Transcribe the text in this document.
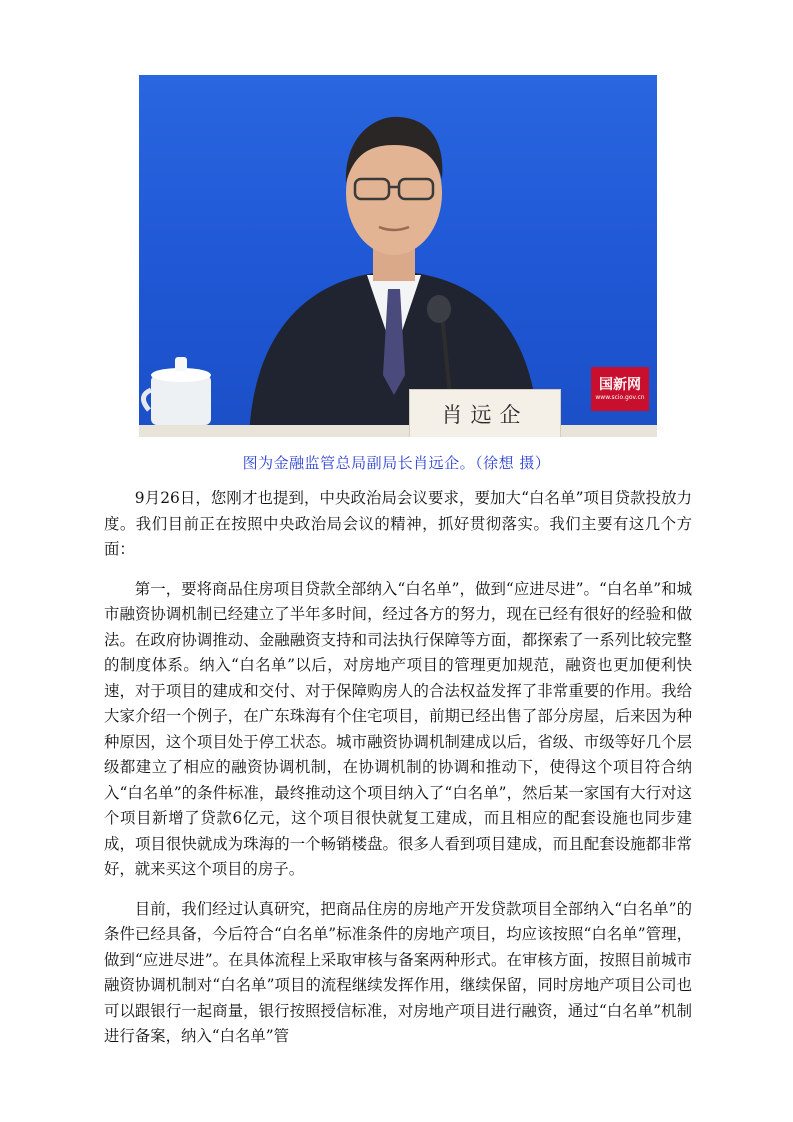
肖远企
国新网
www.scio.gov.cn
图为金融监管总局副局长肖远企。（徐想 摄）

9月26日，您刚才也提到，中央政治局会议要求，要加大“白名单”项目贷款投放力度。我们目前正在按照中央政治局会议的精神，抓好贯彻落实。我们主要有这几个方面：

第一，要将商品住房项目贷款全部纳入“白名单”，做到“应进尽进”。“白名单”和城市融资协调机制已经建立了半年多时间，经过各方的努力，现在已经有很好的经验和做法。在政府协调推动、金融融资支持和司法执行保障等方面，都探索了一系列比较完整的制度体系。纳入“白名单”以后，对房地产项目的管理更加规范，融资也更加便利快速，对于项目的建成和交付、对于保障购房人的合法权益发挥了非常重要的作用。我给大家介绍一个例子，在广东珠海有个住宅项目，前期已经出售了部分房屋，后来因为种种原因，这个项目处于停工状态。城市融资协调机制建成以后，省级、市级等好几个层级都建立了相应的融资协调机制，在协调机制的协调和推动下，使得这个项目符合纳入“白名单”的条件标准，最终推动这个项目纳入了“白名单”，然后某一家国有大行对这个项目新增了贷款6亿元，这个项目很快就复工建成，而且相应的配套设施也同步建成，项目很快就成为珠海的一个畅销楼盘。很多人看到项目建成，而且配套设施都非常好，就来买这个项目的房子。

目前，我们经过认真研究，把商品住房的房地产开发贷款项目全部纳入“白名单”的条件已经具备，今后符合“白名单”标准条件的房地产项目，均应该按照“白名单”管理，做到“应进尽进”。在具体流程上采取审核与备案两种形式。在审核方面，按照目前城市融资协调机制对“白名单”项目的流程继续发挥作用，继续保留，同时房地产项目公司也可以跟银行一起商量，银行按照授信标准，对房地产项目进行融资，通过“白名单”机制进行备案，纳入“白名单”管
